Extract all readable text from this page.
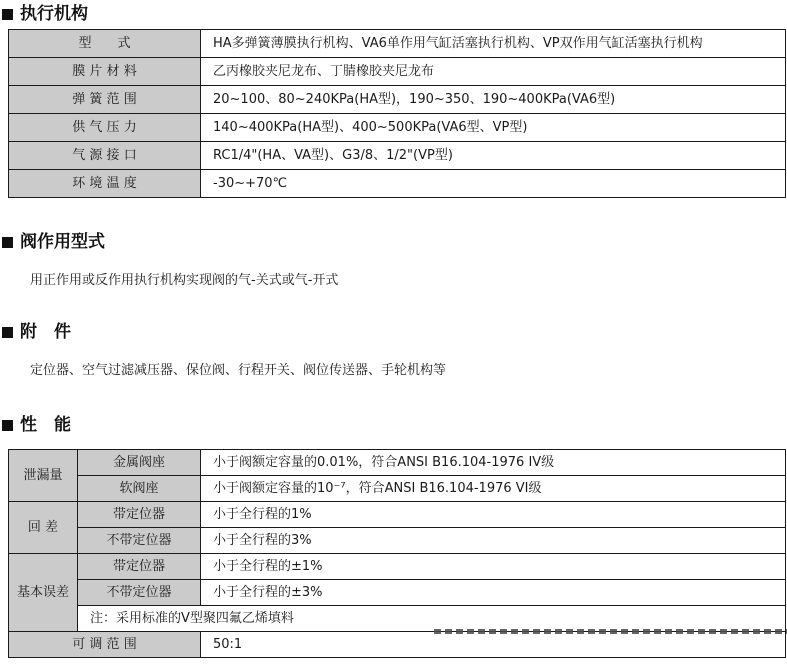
执行机构
型　　式	HA多弹簧薄膜执行机构、VA6单作用气缸活塞执行机构、VP双作用气缸活塞执行机构
膜 片 材 料	乙丙橡胶夹尼龙布、丁腈橡胶夹尼龙布
弹 簧 范 围	20~100、80~240KPa(HA型)，190~350、190~400KPa(VA6型)
供 气 压 力	140~400KPa(HA型)、400~500KPa(VA6型、VP型)
气 源 接 口	RC1/4"(HA、VA型)、G3/8、1/2"(VP型)
环 境 温 度	-30~+70℃
阀作用型式

用正作用或反作用执行机构实现阀的气-关式或气-开式

附　件

定位器、空气过滤减压器、保位阀、行程开关、阀位传送器、手轮机构等

性　能
泄漏量	金属阀座	小于阀额定容量的0.01%，符合ANSI B16.104-1976 IV级
	软阀座	小于阀额定容量的10⁻⁷，符合ANSI B16.104-1976 VI级
回 差	带定位器	小于全行程的1%
	不带定位器	小于全行程的3%
基本误差	带定位器	小于全行程的±1%
	不带定位器	小于全行程的±3%
	注：采用标准的V型聚四氟乙烯填料	
可 调 范 围		50:1
